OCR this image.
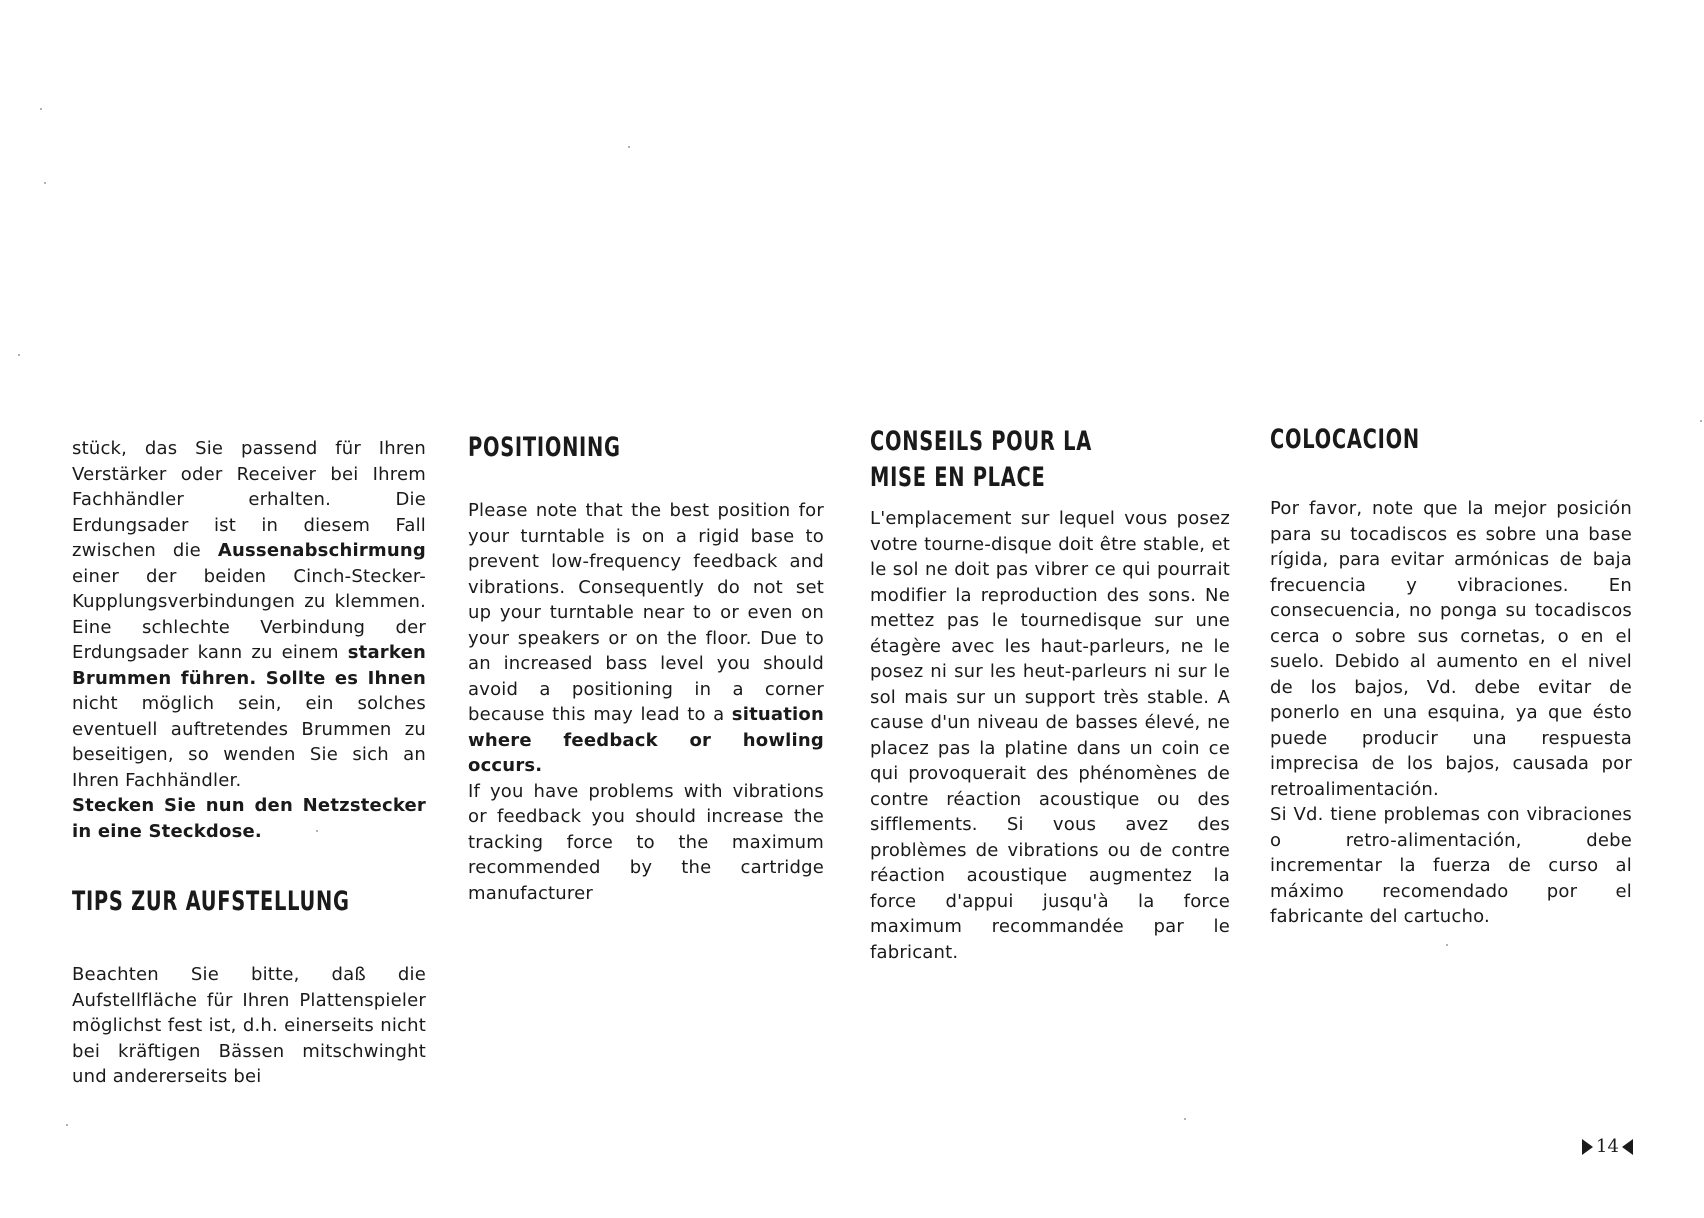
stück, das Sie passend für Ihren Verstärker oder Receiver bei Ihrem Fachhändler erhalten. Die Erdungsader ist in diesem Fall zwischen die Aussenabschirmung einer der beiden Cinch-Stecker-Kupplungsverbindungen zu klemmen. Eine schlechte Verbindung der Erdungsader kann zu einem starken Brummen führen. Sollte es Ihnen nicht möglich sein, ein solches eventuell auftretendes Brummen zu beseitigen, so wenden Sie sich an Ihren Fachhändler.

Stecken Sie nun den Netzstecker in eine Steckdose.

TIPS ZUR AUFSTELLUNG

Beachten Sie bitte, daß die Aufstellfläche für Ihren Plattenspieler möglichst fest ist, d.h. einerseits nicht bei kräftigen Bässen mitschwinght und andererseits bei

POSITIONING

Please note that the best position for your turntable is on a rigid base to prevent low-frequency feedback and vibrations. Consequently do not set up your turntable near to or even on your speakers or on the floor. Due to an increased bass level you should avoid a positioning in a corner because this may lead to a situation where feedback or howling occurs.

If you have problems with vibrations or feedback you should increase the tracking force to the maximum recommended by the cartridge manufacturer

CONSEILS POUR LA
MISE EN PLACE

L'emplacement sur lequel vous posez votre tourne-disque doit être stable, et le sol ne doit pas vibrer ce qui pourrait modifier la reproduction des sons. Ne mettez pas le tournedisque sur une étagère avec les haut-parleurs, ne le posez ni sur les heut-parleurs ni sur le sol mais sur un support très stable. A cause d'un niveau de basses élevé, ne placez pas la platine dans un coin ce qui provoquerait des phénomènes de contre réaction acoustique ou des sifflements. Si vous avez des problèmes de vibrations ou de contre réaction acoustique augmentez la force d'appui jusqu'à la force maximum recommandée par le fabricant.

COLOCACION

Por favor, note que la mejor posición para su tocadiscos es sobre una base rígida, para evitar armónicas de baja frecuencia y vibraciones. En consecuencia, no ponga su tocadiscos cerca o sobre sus cornetas, o en el suelo. Debido al aumento en el nivel de los bajos, Vd. debe evitar de ponerlo en una esquina, ya que ésto puede producir una respuesta imprecisa de los bajos, causada por retroalimentación.

Si Vd. tiene problemas con vibraciones o retro-alimentación, debe incrementar la fuerza de curso al máximo recomendado por el fabricante del cartucho.

14
